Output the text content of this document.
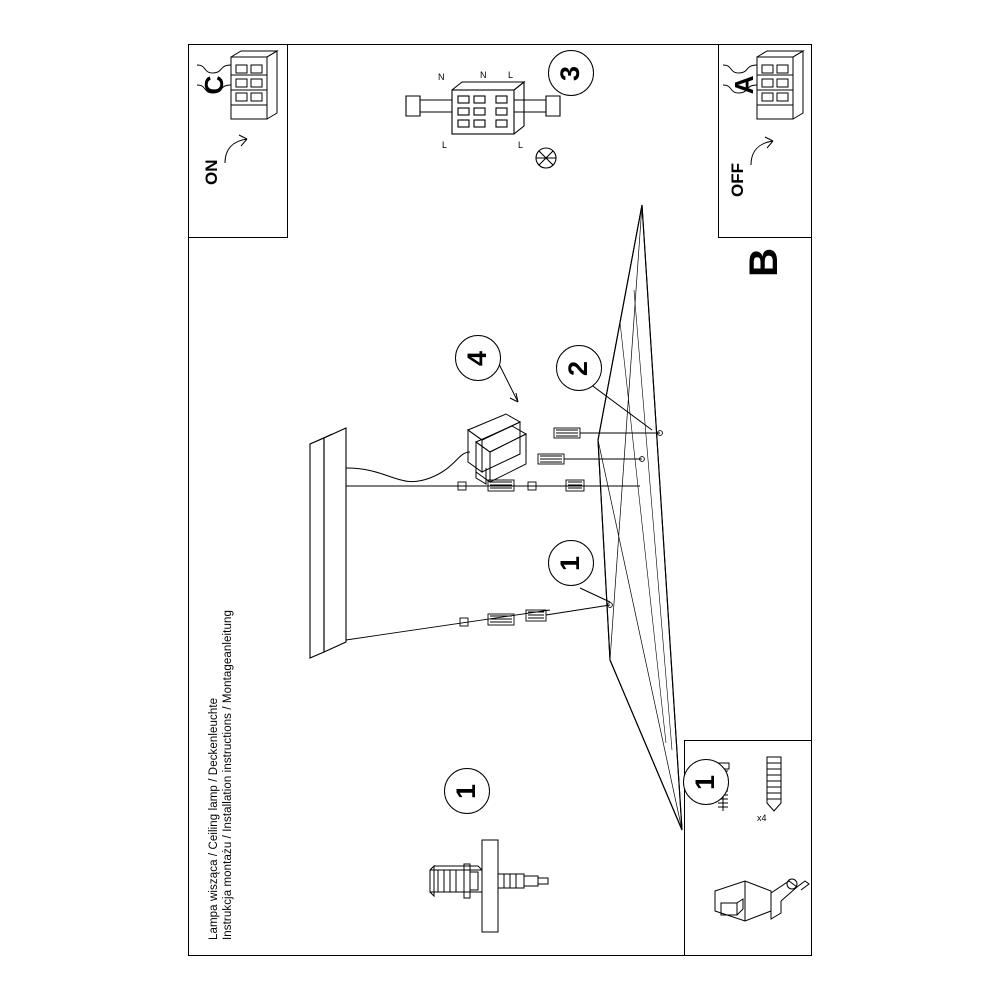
ON
C
OFF
A
x4
1
B
N	N L
L	L
3
4
2
1
1
Instrukcja montażu / Installation instructions / Montageanleitung
Lampa wisząca / Ceiling lamp / Deckenleuchte
